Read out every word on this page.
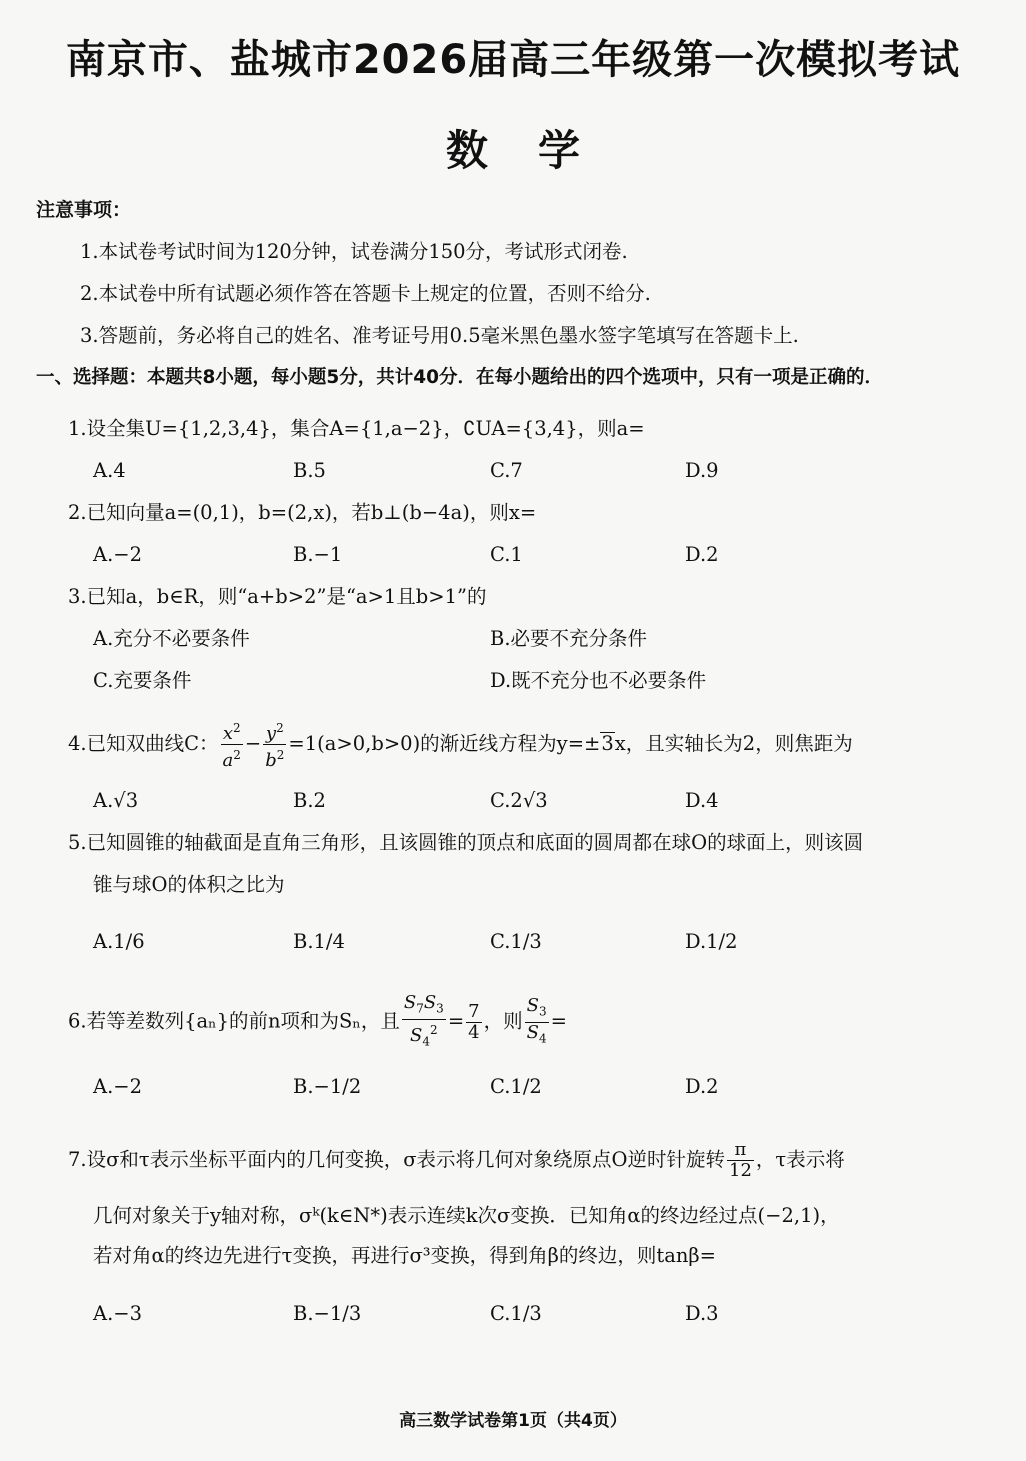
南京市、盐城市2026届高三年级第一次模拟考试
数学
注意事项：
1.本试卷考试时间为120分钟，试卷满分150分，考试形式闭卷.
2.本试卷中所有试题必须作答在答题卡上规定的位置，否则不给分.
3.答题前，务必将自己的姓名、准考证号用0.5毫米黑色墨水签字笔填写在答题卡上.
一、选择题：本题共8小题，每小题5分，共计40分．在每小题给出的四个选项中，只有一项是正确的．
1.设全集U={1,2,3,4}，集合A={1,a−2}，∁UA={3,4}，则a=
A.4	B.5	C.7	D.9
2.已知向量a=(0,1)，b=(2,x)，若b⊥(b−4a)，则x=
A.−2	B.−1	C.1	D.2
3.已知a，b∈R，则“a+b>2”是“a>1且b>1”的
A.充分不必要条件	B.必要不充分条件
C.充要条件	D.既不充分也不必要条件
4.已知双曲线C： $\frac{x^2}{a^2} - \frac{y^2}{b^2} =1(a>0,b>0)$的渐近线方程为y=±3x，且实轴长为2，则焦距为
A.√3	B.2	C.2√3	D.4
5.已知圆锥的轴截面是直角三角形，且该圆锥的顶点和底面的圆周都在球O的球面上，则该圆
锥与球O的体积之比为
A.1/6	B.1/4	C.1/3	D.1/2
6.若等差数列{aₙ}的前n项和为Sₙ，且 $\frac{S_7S_3}{S_4^2} = \frac{7}{4}$ ，则 $\frac{S_3}{S_4}$ =
A.−2	B.−1/2	C.1/2	D.2
7.设σ和τ表示坐标平面内的几何变换，σ表示将几何对象绕原点O逆时针旋转 $\frac{\pi}{12}$ ，τ表示将
几何对象关于y轴对称，σᵏ(k∈N*)表示连续k次σ变换．已知角α的终边经过点(−2,1)，
若对角α的终边先进行τ变换，再进行σ³变换，得到角β的终边，则tanβ=
A.−3	B.−1/3	C.1/3	D.3
高三数学试卷第1页（共4页）
